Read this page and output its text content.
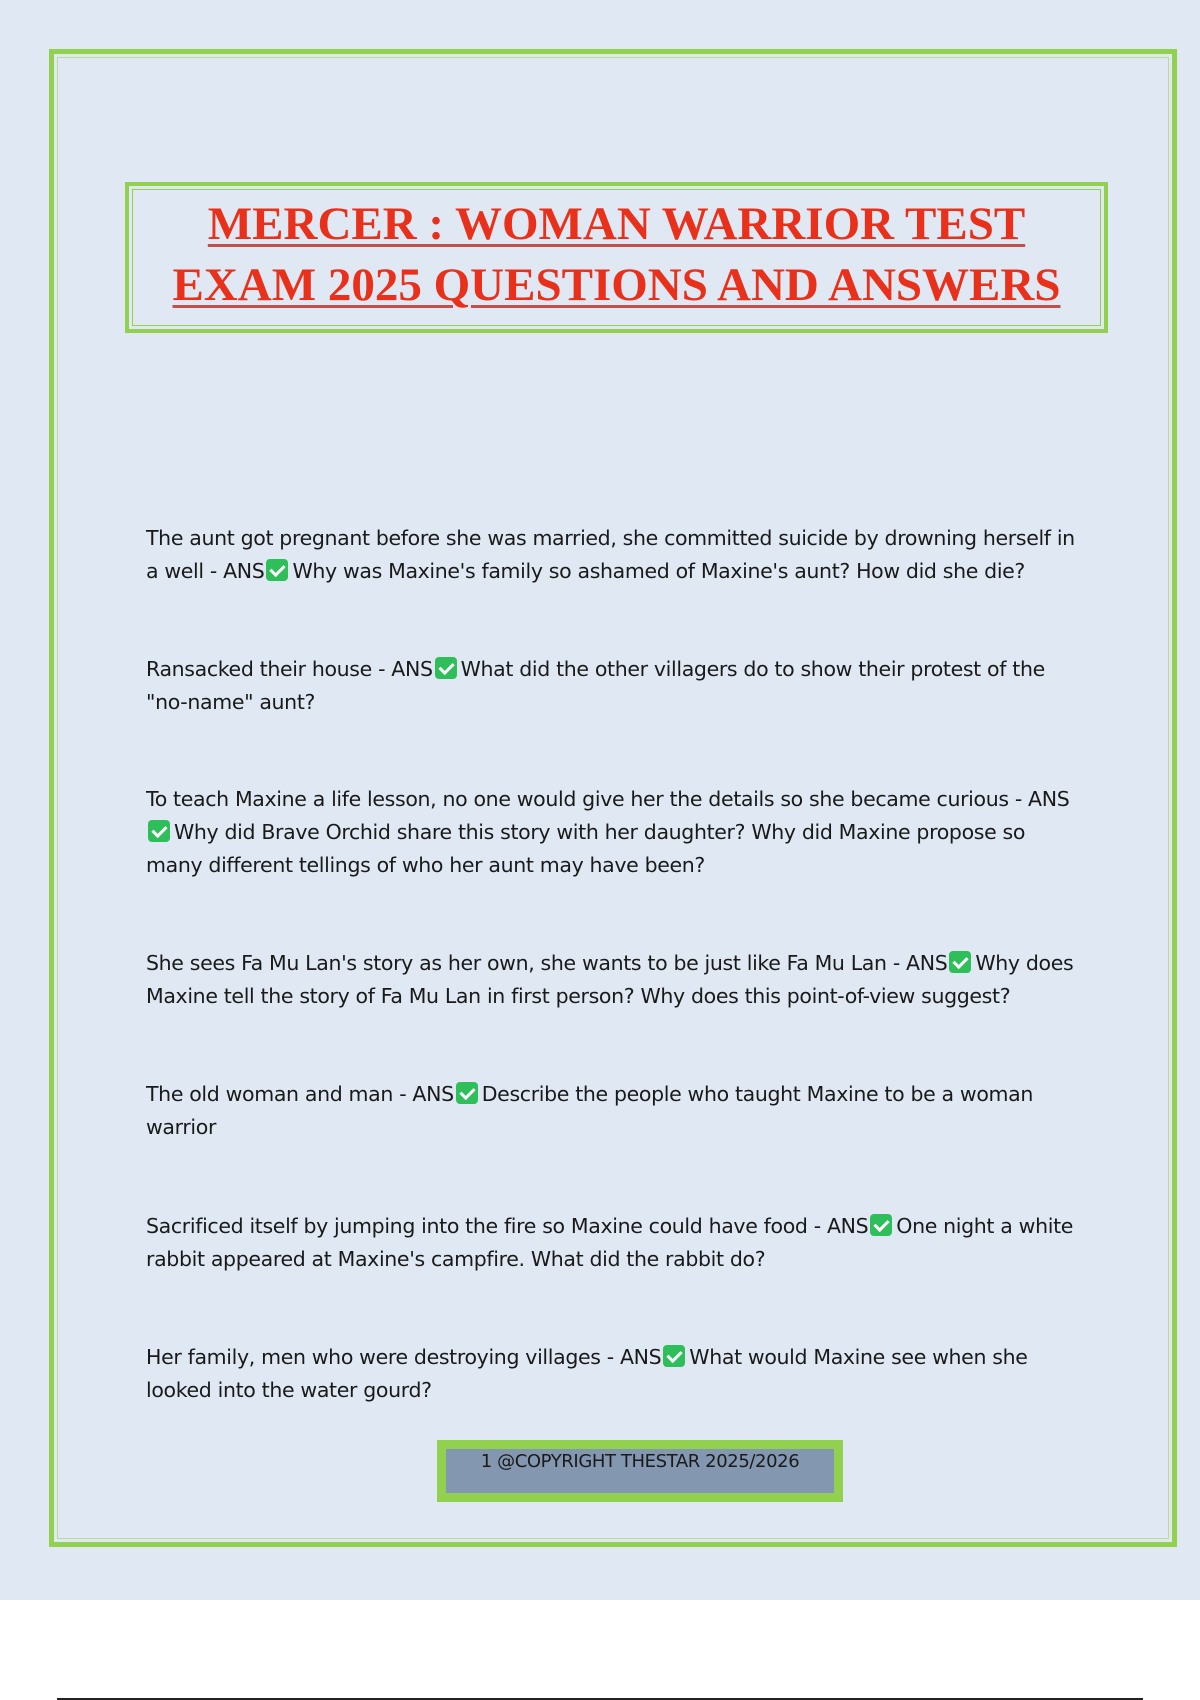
MERCER : WOMAN WARRIOR TEST
EXAM 2025 QUESTIONS AND ANSWERS
The aunt got pregnant before she was married, she committed suicide by drowning herself in a well - ANS Why was Maxine's family so ashamed of Maxine's aunt? How did she die?
Ransacked their house - ANS What did the other villagers do to show their protest of the "no-name" aunt?
To teach Maxine a life lesson, no one would give her the details so she became curious - ANSWhy did Brave Orchid share this story with her daughter? Why did Maxine propose so many different tellings of who her aunt may have been?
She sees Fa Mu Lan's story as her own, she wants to be just like Fa Mu Lan - ANS Why does Maxine tell the story of Fa Mu Lan in first person? Why does this point-of-view suggest?
The old woman and man - ANS Describe the people who taught Maxine to be a woman warrior
Sacrificed itself by jumping into the fire so Maxine could have food - ANS One night a white rabbit appeared at Maxine's campfire. What did the rabbit do?
Her family, men who were destroying villages - ANS What would Maxine see when she looked into the water gourd?
1 @COPYRIGHT THESTAR 2025/2026
